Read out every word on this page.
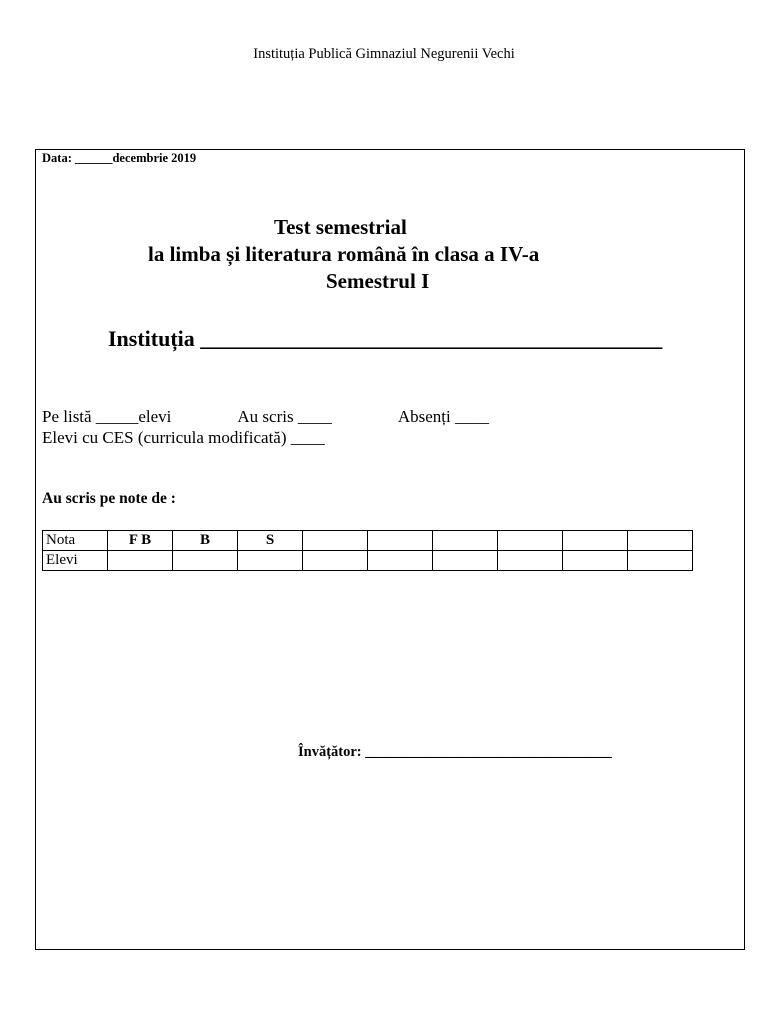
Instituția Publică Gimnaziul Negurenii Vechi
Data: ______decembrie 2019
Test semestrial
la limba și literatura română în clasa a IV-a
Semestrul I
Instituția __________________________________________
Pe listă _____elevi	Au scris ____	Absenți ____
Elevi cu CES (curricula modificată) ____
Au scris pe note de :
Nota	F B	B	S						
Elevi									
Învățător: __________________________________
